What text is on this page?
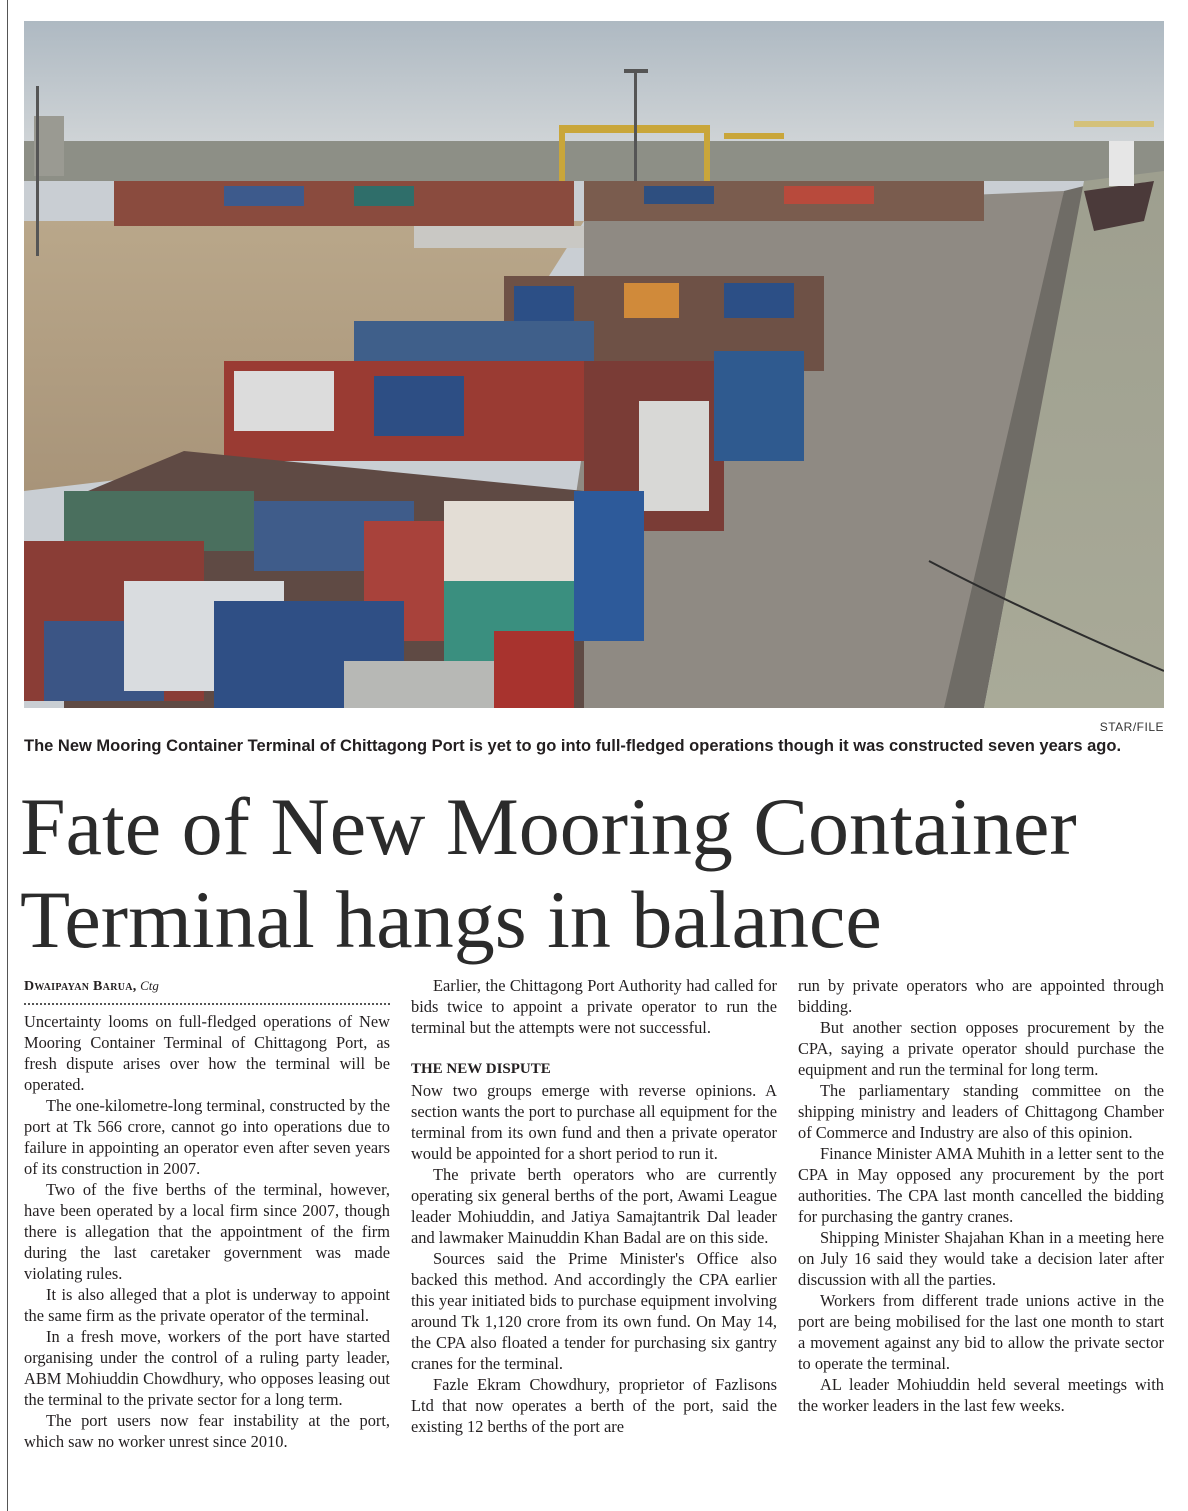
STAR/FILE
The New Mooring Container Terminal of Chittagong Port is yet to go into full-fledged operations though it was constructed seven years ago.
Fate of New Mooring Container
Terminal hangs in balance
Dwaipayan Barua, Ctg

Uncertainty looms on full-fledged operations of New Mooring Container Terminal of Chittagong Port, as fresh dispute arises over how the terminal will be operated.

The one-kilometre-long terminal, constructed by the port at Tk 566 crore, cannot go into operations due to failure in appointing an operator even after seven years of its construction in 2007.

Two of the five berths of the terminal, however, have been operated by a local firm since 2007, though there is allegation that the appointment of the firm during the last caretaker government was made violating rules.

It is also alleged that a plot is underway to appoint the same firm as the private operator of the terminal.

In a fresh move, workers of the port have started organising under the control of a ruling party leader, ABM Mohiuddin Chowdhury, who opposes leasing out the terminal to the private sector for a long term.

The port users now fear instability at the port, which saw no worker unrest since 2010.

Earlier, the Chittagong Port Authority had called for bids twice to appoint a private operator to run the terminal but the attempts were not successful.

THE NEW DISPUTE

Now two groups emerge with reverse opinions. A section wants the port to purchase all equipment for the terminal from its own fund and then a private operator would be appointed for a short period to run it.

The private berth operators who are currently operating six general berths of the port, Awami League leader Mohiuddin, and Jatiya Samajtantrik Dal leader and lawmaker Mainuddin Khan Badal are on this side.

Sources said the Prime Minister's Office also backed this method. And accordingly the CPA earlier this year initiated bids to purchase equipment involving around Tk 1,120 crore from its own fund. On May 14, the CPA also floated a tender for purchasing six gantry cranes for the terminal.

Fazle Ekram Chowdhury, proprietor of Fazlisons Ltd that now operates a berth of the port, said the existing 12 berths of the port are

run by private operators who are appointed through bidding.

But another section opposes procurement by the CPA, saying a private operator should purchase the equipment and run the terminal for long term.

The parliamentary standing committee on the shipping ministry and leaders of Chittagong Chamber of Commerce and Industry are also of this opinion.

Finance Minister AMA Muhith in a letter sent to the CPA in May opposed any procurement by the port authorities. The CPA last month cancelled the bidding for purchasing the gantry cranes.

Shipping Minister Shajahan Khan in a meeting here on July 16 said they would take a decision later after discussion with all the parties.

Workers from different trade unions active in the port are being mobilised for the last one month to start a movement against any bid to allow the private sector to operate the terminal.

AL leader Mohiuddin held several meetings with the worker leaders in the last few weeks.
